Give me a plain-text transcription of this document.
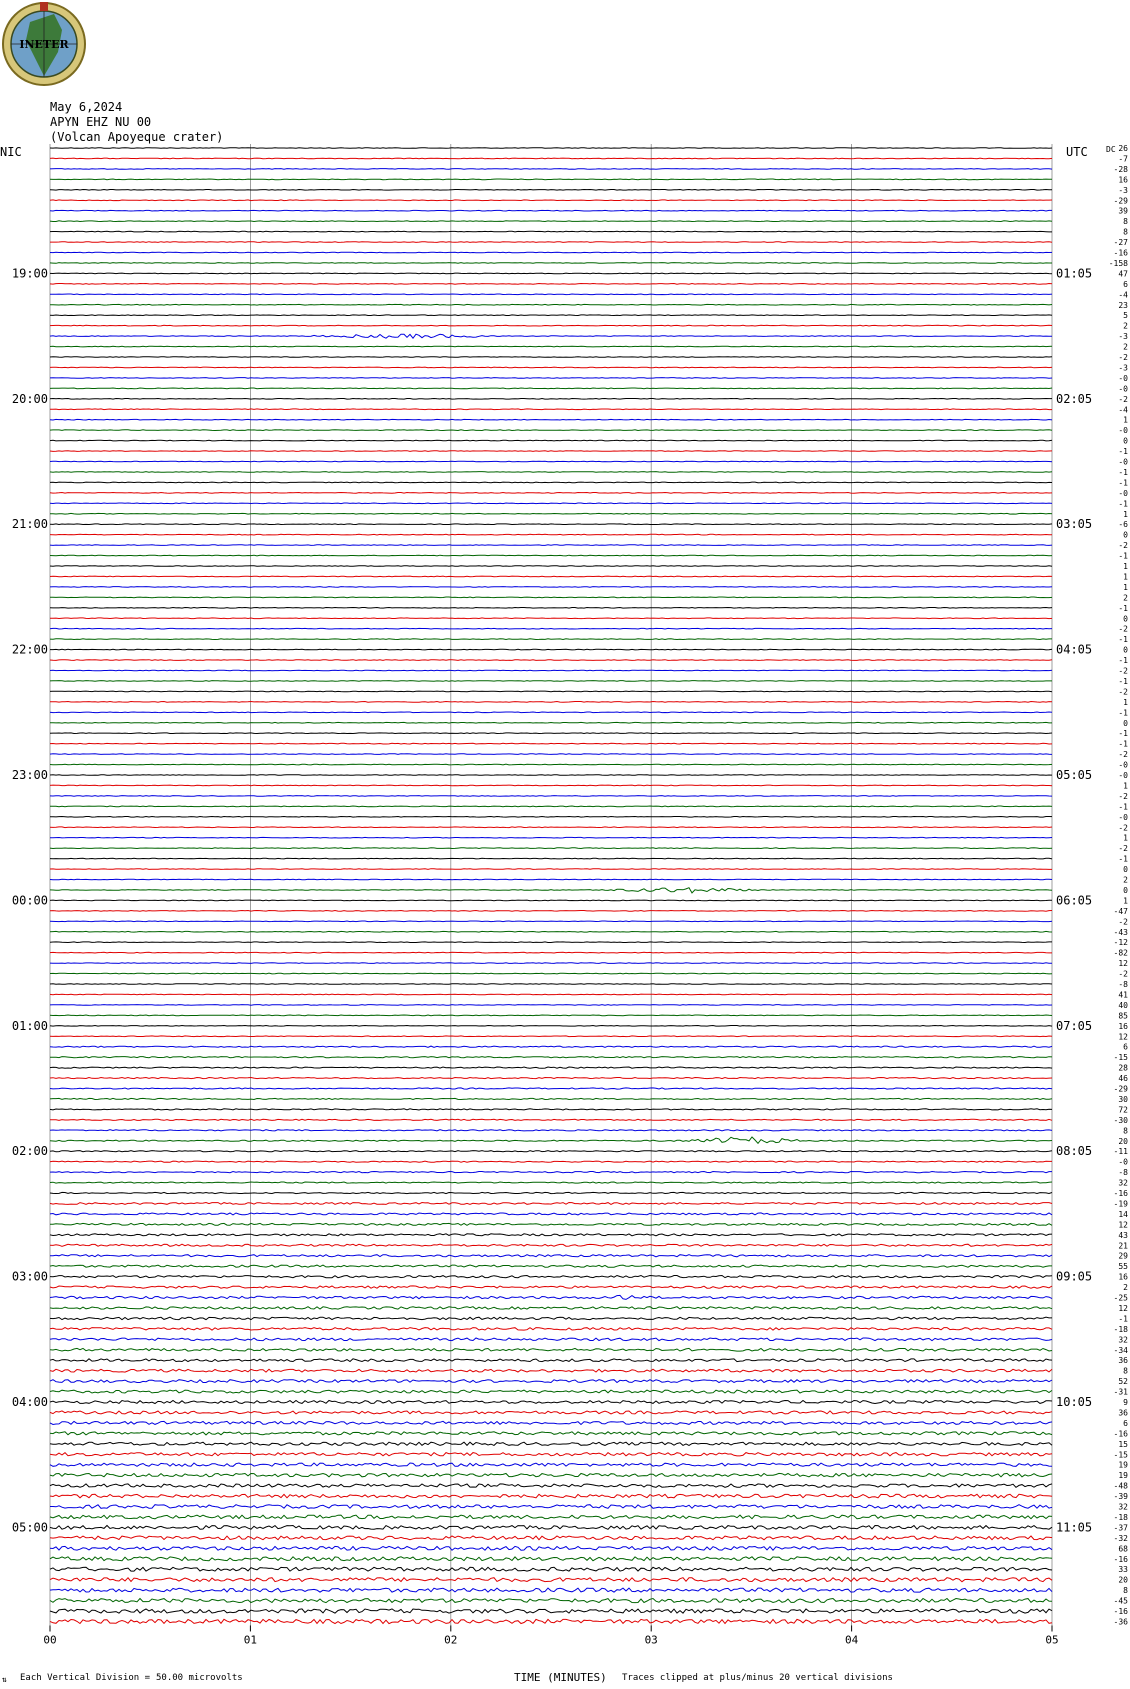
INETER
May 6,2024
APYN EHZ NU 00
(Volcan Apoyeque crater)
NIC	UTC DC
00	01	02	03	04	05
26
-7
-28
16
-3
-29
39
8
8
-27
-16
-158
47
6
-4
23
5
2
-3
2
-2
-3
-0
-0
-2
-4
1
-0
0
-1
-0
-1
-1
-0
-1
1
-6
0
-2
-1
1
1
1
2
-1
0
-2
-1
0
-1
-2
-1
-2
1
-1
0
-1
-1
-2
-0
-0
1
-2
-1
-0
-2
1
-2
-1
0
2
0
1
-47
-2
-43
-12
-82
12
-2
-8
41
40
85
16
12
6
-15
28
46
-29
30
72
-30
8
20
-11
-0
-8
32
-16
-19
14
12
43
21
29
55
16
2
-25
12
-1
-18
32
-34
36
8
52
-31
9
36
6
-16
15
-15
19
19
-48
-39
32
-18
-37
-32
68
-16
33
20
8
-45
-16
-36
19:00
20:00
21:00
22:00
23:00
00:00
01:00
02:00
03:00
04:00
05:00
01:05
02:05
03:05
04:05
05:05
06:05
07:05
08:05
09:05
10:05
11:05
⇅ Each Vertical Division = 50.00 microvolts	TIME (MINUTES) Traces clipped at plus/minus 20 vertical divisions
